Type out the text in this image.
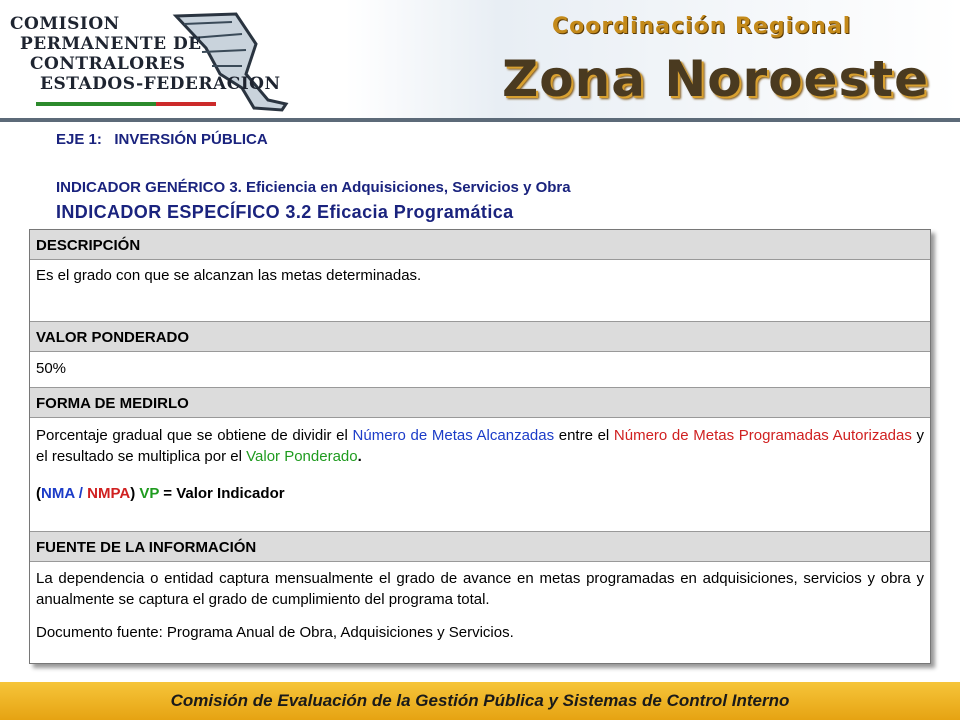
COMISION
PERMANENTE DE
CONTRALORES
ESTADOS-FEDERACION
Coordinación Regional
Zona Noroeste
EJE 1:   INVERSIÓN PÚBLICA
INDICADOR GENÉRICO 3. Eficiencia en Adquisiciones, Servicios y Obra
INDICADOR ESPECÍFICO 3.2 Eficacia Programática
DESCRIPCIÓN

Es el grado con que se alcanzan las metas determinadas.

VALOR PONDERADO

50%

FORMA DE MEDIRLO

Porcentaje gradual que se obtiene de dividir el Número de Metas Alcanzadas entre el Número de Metas Programadas Autorizadas y el resultado se multiplica por el Valor Ponderado.

(NMA / NMPA) VP = Valor Indicador

FUENTE DE LA INFORMACIÓN

La dependencia o entidad captura mensualmente el grado de avance en metas programadas en adquisiciones, servicios y obra y anualmente se captura el grado de cumplimiento del programa total.

Documento fuente: Programa Anual de Obra, Adquisiciones y Servicios.

Comisión de Evaluación de la Gestión Pública y Sistemas de Control Interno
